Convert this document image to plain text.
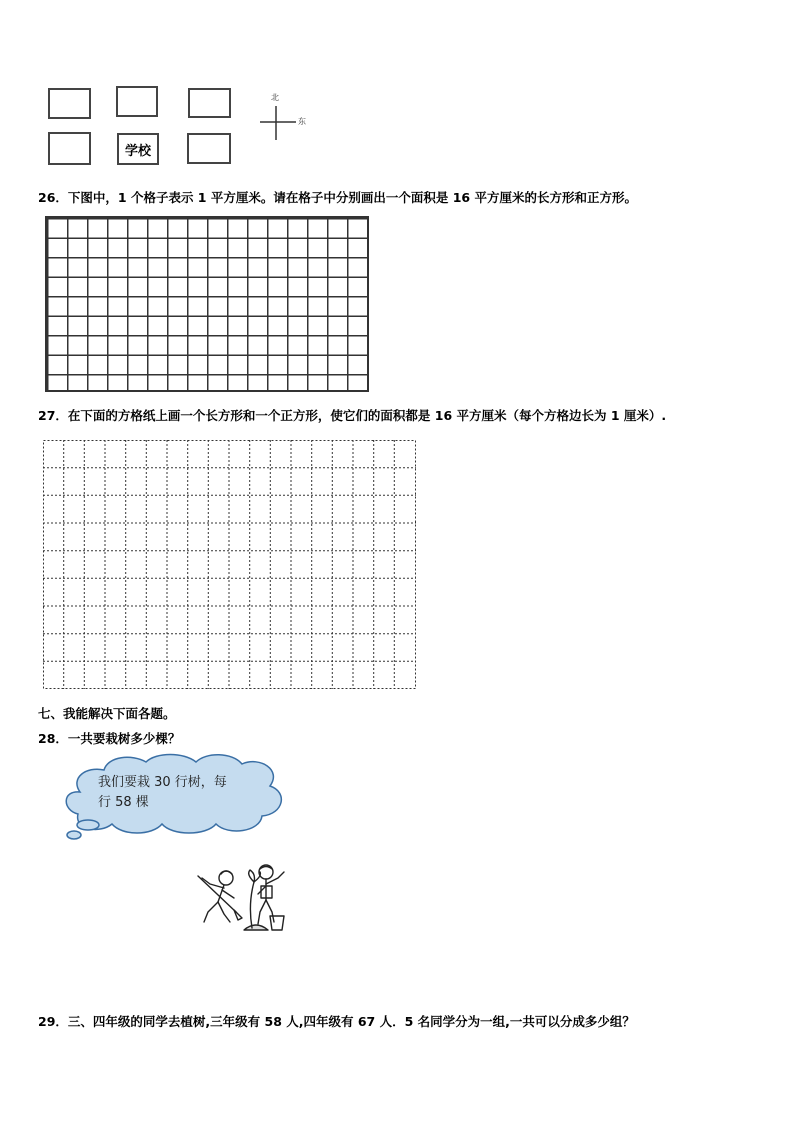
学校
北
东
26．下图中，1 个格子表示 1 平方厘米。请在格子中分别画出一个面积是 16 平方厘米的长方形和正方形。
27．在下面的方格纸上画一个长方形和一个正方形，使它们的面积都是 16 平方厘米（每个方格边长为 1 厘米）.
七、我能解决下面各题。
28．一共要栽树多少棵？
我们要栽 30 行树，每
行 58 棵
29．三、四年级的同学去植树,三年级有 58 人,四年级有 67 人．5 名同学分为一组,一共可以分成多少组？
